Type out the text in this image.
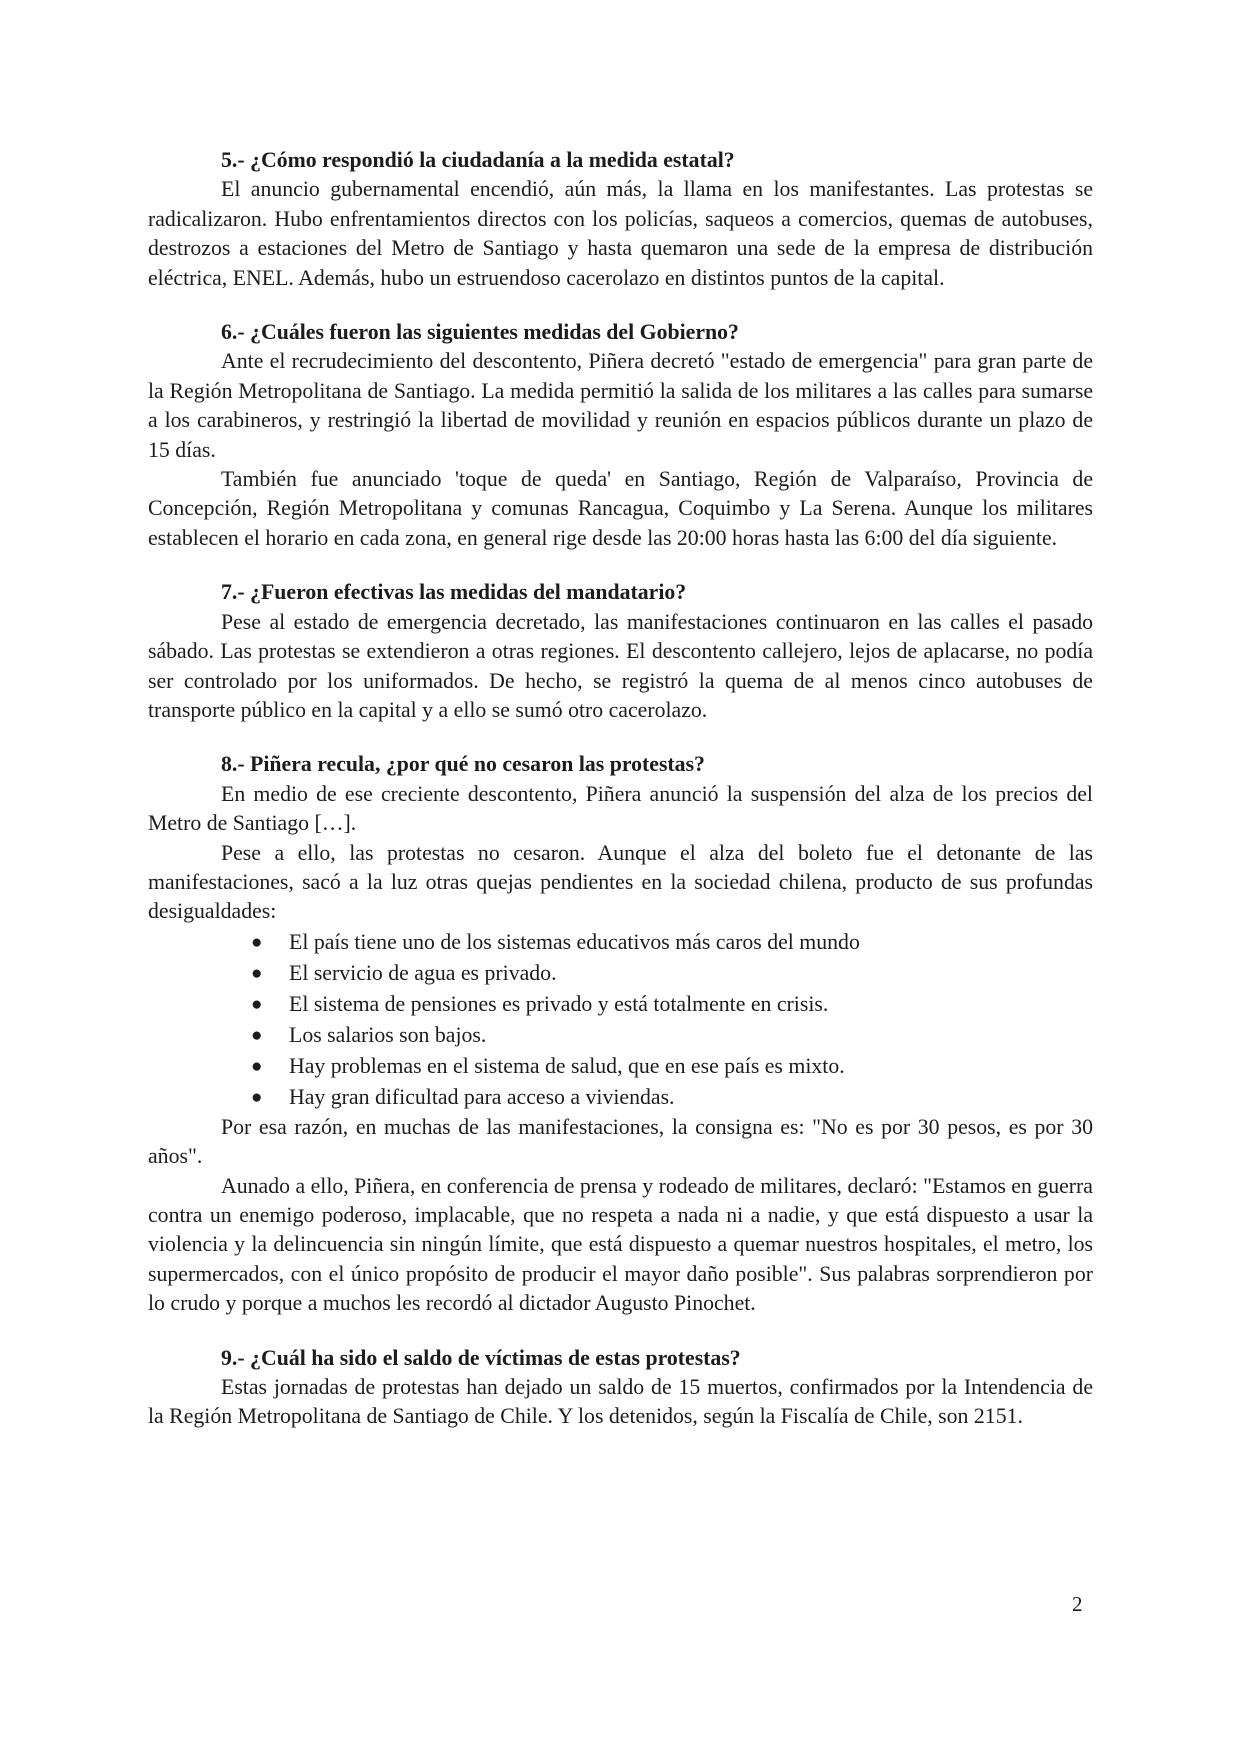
5.- ¿Cómo respondió la ciudadanía a la medida estatal?

El anuncio gubernamental encendió, aún más, la llama en los manifestantes. Las protestas se radicalizaron. Hubo enfrentamientos directos con los policías, saqueos a comercios, quemas de autobuses, destrozos a estaciones del Metro de Santiago y hasta quemaron una sede de la empresa de distribución eléctrica, ENEL. Además, hubo un estruendoso cacerolazo en distintos puntos de la capital.

6.- ¿Cuáles fueron las siguientes medidas del Gobierno?

Ante el recrudecimiento del descontento, Piñera decretó "estado de emergencia" para gran parte de la Región Metropolitana de Santiago. La medida permitió la salida de los militares a las calles para sumarse a los carabineros, y restringió la libertad de movilidad y reunión en espacios públicos durante un plazo de 15 días.

También fue anunciado 'toque de queda' en Santiago, Región de Valparaíso, Provincia de Concepción, Región Metropolitana y comunas Rancagua, Coquimbo y La Serena. Aunque los militares establecen el horario en cada zona, en general rige desde las 20:00 horas hasta las 6:00 del día siguiente.

7.- ¿Fueron efectivas las medidas del mandatario?

Pese al estado de emergencia decretado, las manifestaciones continuaron en las calles el pasado sábado. Las protestas se extendieron a otras regiones. El descontento callejero, lejos de aplacarse, no podía ser controlado por los uniformados. De hecho, se registró la quema de al menos cinco autobuses de transporte público en la capital y a ello se sumó otro cacerolazo.

8.- Piñera recula, ¿por qué no cesaron las protestas?

En medio de ese creciente descontento, Piñera anunció la suspensión del alza de los precios del Metro de Santiago […].

Pese a ello, las protestas no cesaron. Aunque el alza del boleto fue el detonante de las manifestaciones, sacó a la luz otras quejas pendientes en la sociedad chilena, producto de sus profundas desigualdades:

● El país tiene uno de los sistemas educativos más caros del mundo
● El servicio de agua es privado.
● El sistema de pensiones es privado y está totalmente en crisis.
● Los salarios son bajos.
● Hay problemas en el sistema de salud, que en ese país es mixto.
● Hay gran dificultad para acceso a viviendas.

Por esa razón, en muchas de las manifestaciones, la consigna es: "No es por 30 pesos, es por 30 años".

Aunado a ello, Piñera, en conferencia de prensa y rodeado de militares, declaró: "Estamos en guerra contra un enemigo poderoso, implacable, que no respeta a nada ni a nadie, y que está dispuesto a usar la violencia y la delincuencia sin ningún límite, que está dispuesto a quemar nuestros hospitales, el metro, los supermercados, con el único propósito de producir el mayor daño posible". Sus palabras sorprendieron por lo crudo y porque a muchos les recordó al dictador Augusto Pinochet.

9.- ¿Cuál ha sido el saldo de víctimas de estas protestas?

Estas jornadas de protestas han dejado un saldo de 15 muertos, confirmados por la Intendencia de la Región Metropolitana de Santiago de Chile. Y los detenidos, según la Fiscalía de Chile, son 2151.

2
